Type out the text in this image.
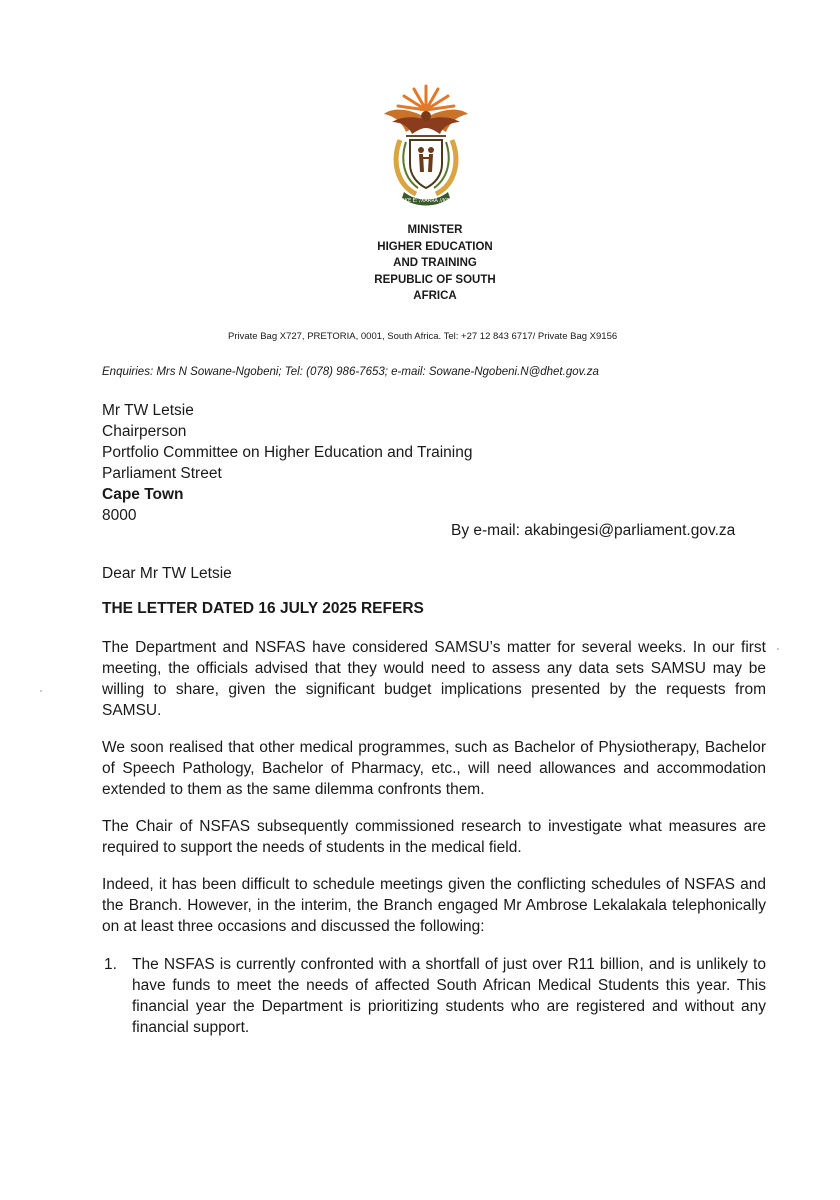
!KE E: /XARRA //KE
MINISTER
HIGHER EDUCATION
AND TRAINING
REPUBLIC OF SOUTH
AFRICA
Private Bag X727, PRETORIA, 0001, South Africa. Tel: +27 12 843 6717/ Private Bag X9156
Enquiries: Mrs N Sowane-Ngobeni; Tel: (078) 986-7653; e-mail: Sowane-Ngobeni.N@dhet.gov.za
Mr TW Letsie
Chairperson
Portfolio Committee on Higher Education and Training
Parliament Street
Cape Town
8000
By e-mail: akabingesi@parliament.gov.za
Dear Mr TW Letsie
THE LETTER DATED 16 JULY 2025 REFERS
The Department and NSFAS have considered SAMSU’s matter for several weeks. In our first meeting, the officials advised that they would need to assess any data sets SAMSU may be willing to share, given the significant budget implications presented by the requests from SAMSU.
We soon realised that other medical programmes, such as Bachelor of Physiotherapy, Bachelor of Speech Pathology, Bachelor of Pharmacy, etc., will need allowances and accommodation extended to them as the same dilemma confronts them.
The Chair of NSFAS subsequently commissioned research to investigate what measures are required to support the needs of students in the medical field.
Indeed, it has been difficult to schedule meetings given the conflicting schedules of NSFAS and the Branch. However, in the interim, the Branch engaged Mr Ambrose Lekalakala telephonically on at least three occasions and discussed the following:
1. The NSFAS is currently confronted with a shortfall of just over R11 billion, and is unlikely to have funds to meet the needs of affected South African Medical Students this year. This financial year the Department is prioritizing students who are registered and without any financial support.
